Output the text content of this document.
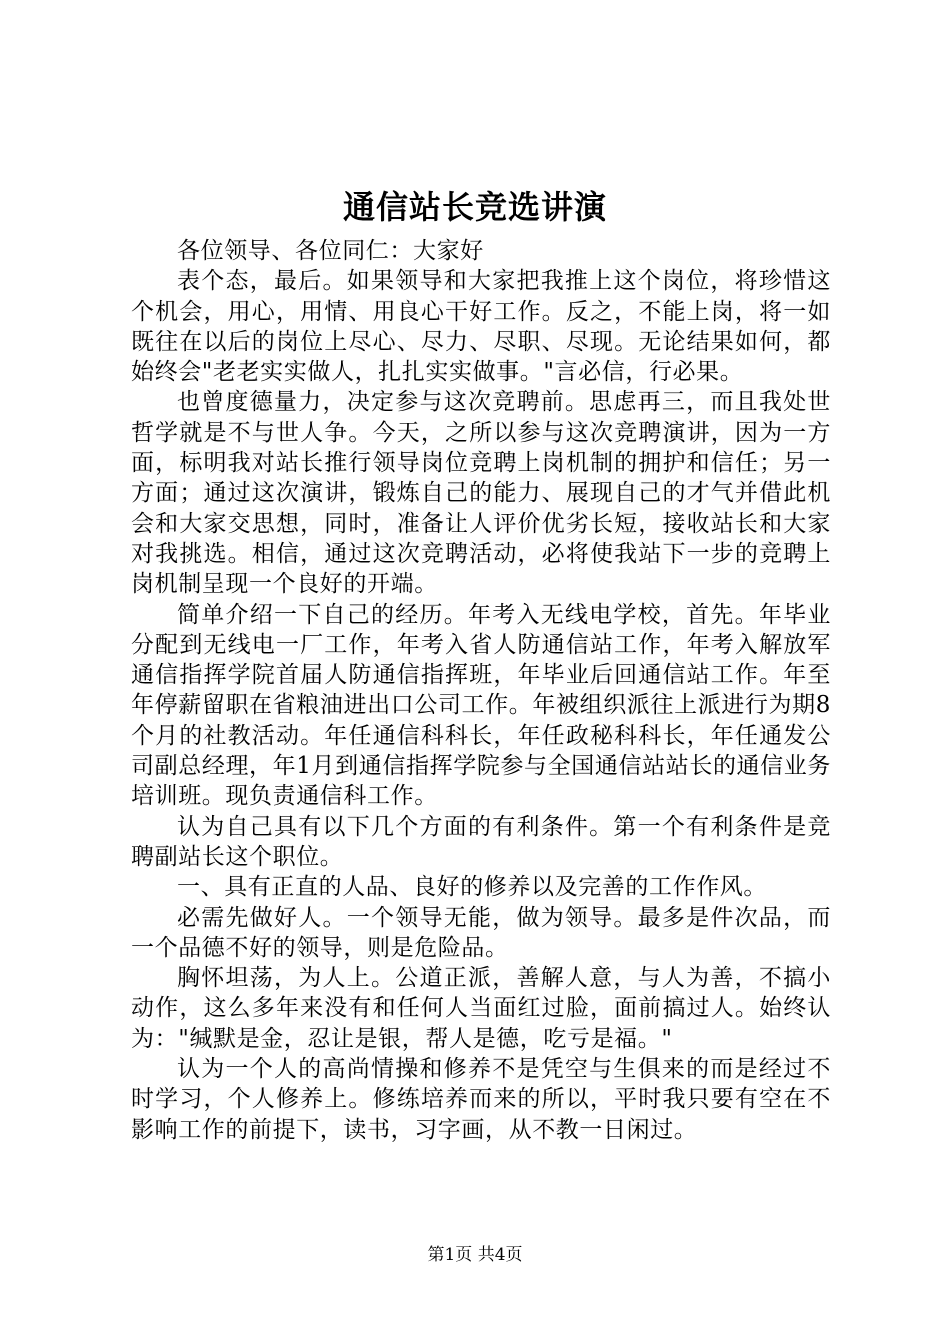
通信站长竞选讲演

各位领导、各位同仁：大家好

表个态，最后。如果领导和大家把我推上这个岗位，将珍惜这个机会，用心，用情、用良心干好工作。反之，不能上岗，将一如既往在以后的岗位上尽心、尽力、尽职、尽现。无论结果如何，都始终会"老老实实做人，扎扎实实做事。"言必信，行必果。

也曾度德量力，决定参与这次竞聘前。思虑再三，而且我处世哲学就是不与世人争。今天，之所以参与这次竞聘演讲，因为一方面，标明我对站长推行领导岗位竞聘上岗机制的拥护和信任；另一方面；通过这次演讲，锻炼自己的能力、展现自己的才气并借此机会和大家交思想，同时，准备让人评价优劣长短，接收站长和大家对我挑选。相信，通过这次竞聘活动，必将使我站下一步的竞聘上岗机制呈现一个良好的开端。

简单介绍一下自己的经历。年考入无线电学校，首先。年毕业分配到无线电一厂工作，年考入省人防通信站工作，年考入解放军通信指挥学院首届人防通信指挥班，年毕业后回通信站工作。年至年停薪留职在省粮油进出口公司工作。年被组织派往上派进行为期8个月的社教活动。年任通信科科长，年任政秘科科长，年任通发公司副总经理，年1月到通信指挥学院参与全国通信站站长的通信业务培训班。现负责通信科工作。

认为自己具有以下几个方面的有利条件。第一个有利条件是竞聘副站长这个职位。

一、具有正直的人品、良好的修养以及完善的工作作风。

必需先做好人。一个领导无能，做为领导。最多是件次品，而一个品德不好的领导，则是危险品。

胸怀坦荡，为人上。公道正派，善解人意，与人为善，不搞小动作，这么多年来没有和任何人当面红过脸，面前搞过人。始终认为："缄默是金，忍让是银，帮人是德，吃亏是福。"

认为一个人的高尚情操和修养不是凭空与生俱来的而是经过不时学习，个人修养上。修练培养而来的所以，平时我只要有空在不影响工作的前提下，读书，习字画，从不教一日闲过。

第1页 共4页
